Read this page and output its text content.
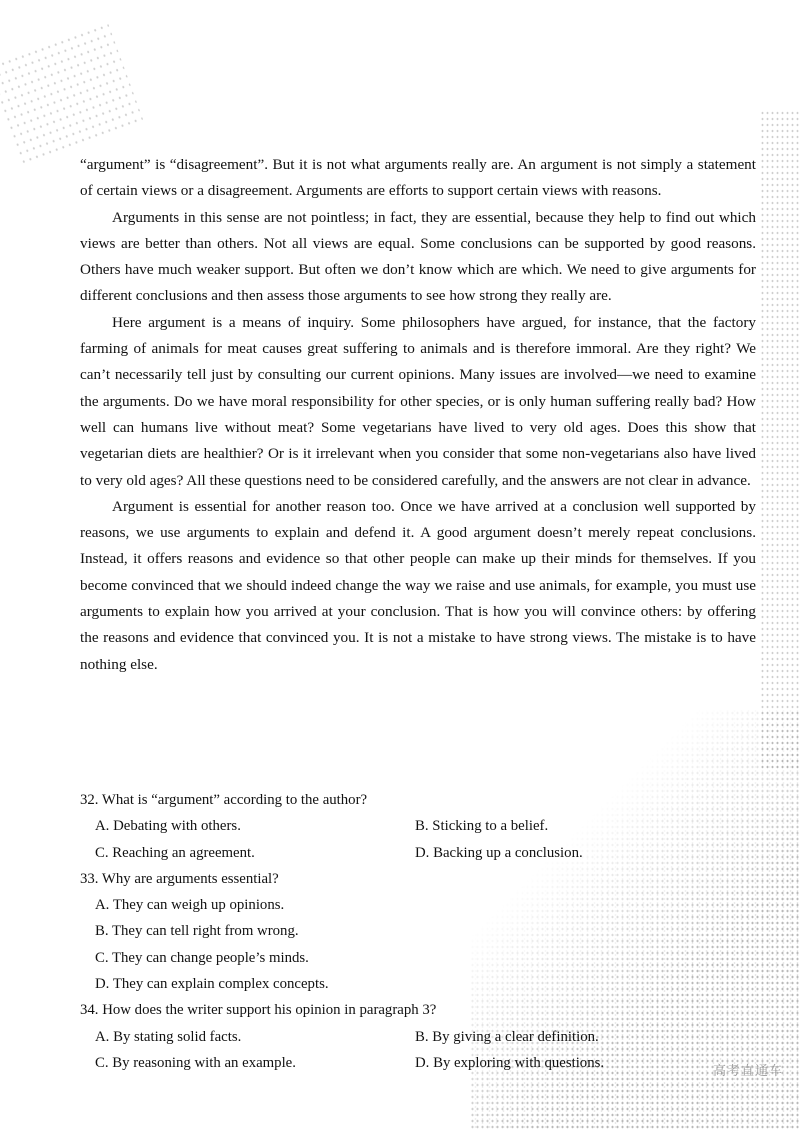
“argument” is “disagreement”. But it is not what arguments really are. An argument is not simply a statement of certain views or a disagreement. Arguments are efforts to support certain views with reasons.

Arguments in this sense are not pointless; in fact, they are essential, because they help to find out which views are better than others. Not all views are equal. Some conclusions can be supported by good reasons. Others have much weaker support. But often we don’t know which are which. We need to give arguments for different conclusions and then assess those arguments to see how strong they really are.

Here argument is a means of inquiry. Some philosophers have argued, for instance, that the factory farming of animals for meat causes great suffering to animals and is therefore immoral. Are they right? We can’t necessarily tell just by consulting our current opinions. Many issues are involved—we need to examine the arguments. Do we have moral responsibility for other species, or is only human suffering really bad? How well can humans live without meat? Some vegetarians have lived to very old ages. Does this show that vegetarian diets are healthier? Or is it irrelevant when you consider that some non-vegetarians also have lived to very old ages? All these questions need to be considered carefully, and the answers are not clear in advance.

Argument is essential for another reason too. Once we have arrived at a conclusion well supported by reasons, we use arguments to explain and defend it. A good argument doesn’t merely repeat conclusions. Instead, it offers reasons and evidence so that other people can make up their minds for themselves. If you become convinced that we should indeed change the way we raise and use animals, for example, you must use arguments to explain how you arrived at your conclusion. That is how you will convince others: by offering the reasons and evidence that convinced you. It is not a mistake to have strong views. The mistake is to have nothing else.

32. What is “argument” according to the author?

A. Debating with others.	B. Sticking to a belief.
C. Reaching an agreement.	D. Backing up a conclusion.

33. Why are arguments essential?

A. They can weigh up opinions.
B. They can tell right from wrong.
C. They can change people’s minds.
D. They can explain complex concepts.

34. How does the writer support his opinion in paragraph 3?

A. By stating solid facts.	B. By giving a clear definition.
C. By reasoning with an example.	D. By exploring with questions.
高考直通车
